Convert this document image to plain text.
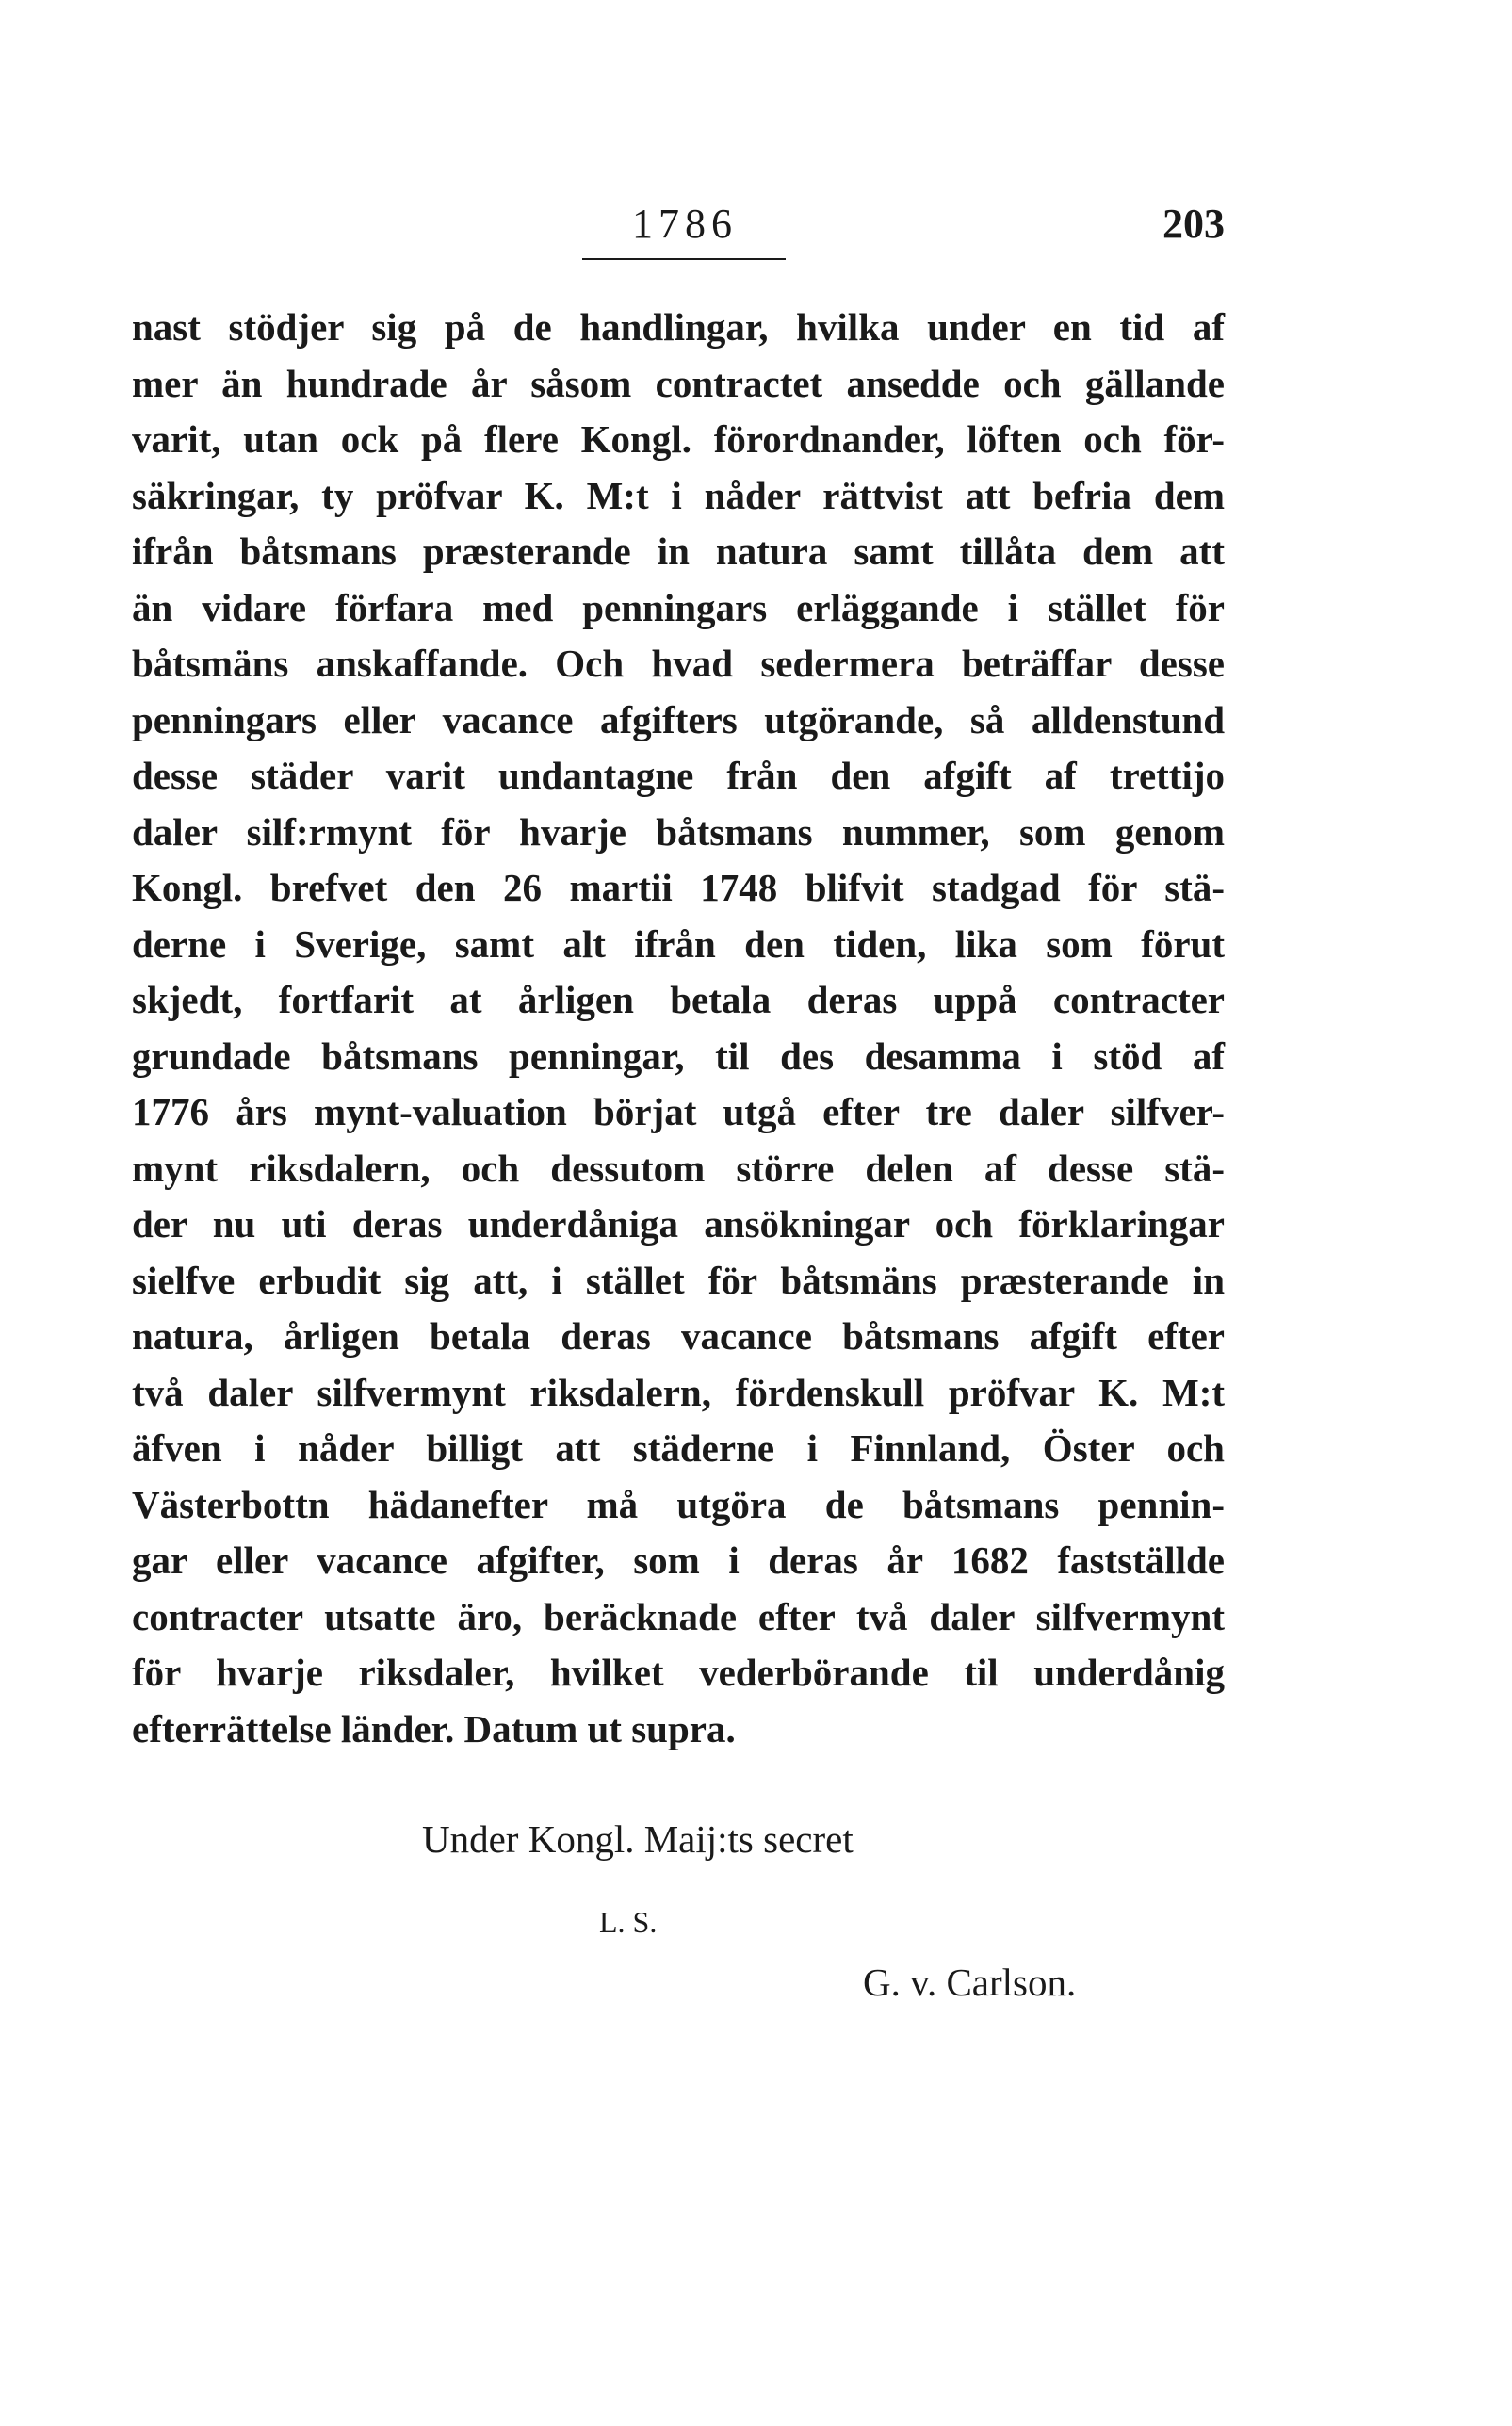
1786	203
nast stödjer sig på de handlingar, hvilka under en tid af
mer än hundrade år såsom contractet ansedde och gällande
varit, utan ock på flere Kongl. förordnander, löften och för-
säkringar, ty pröfvar K. M:t i nåder rättvist att befria dem
ifrån båtsmans præsterande in natura samt tillåta dem att
än vidare förfara med penningars erläggande i stället för
båtsmäns anskaffande. Och hvad sedermera beträffar desse
penningars eller vacance afgifters utgörande, så alldenstund
desse städer varit undantagne från den afgift af trettijo
daler silf:rmynt för hvarje båtsmans nummer, som genom
Kongl. brefvet den 26 martii 1748 blifvit stadgad för stä-
derne i Sverige, samt alt ifrån den tiden, lika som förut
skjedt, fortfarit at årligen betala deras uppå contracter
grundade båtsmans penningar, til des desamma i stöd af
1776 års mynt-valuation börjat utgå efter tre daler silfver-
mynt riksdalern, och dessutom större delen af desse stä-
der nu uti deras underdåniga ansökningar och förklaringar
sielfve erbudit sig att, i stället för båtsmäns præsterande in
natura, årligen betala deras vacance båtsmans afgift efter
två daler silfvermynt riksdalern, fördenskull pröfvar K. M:t
äfven i nåder billigt att städerne i Finnland, Öster och
Västerbottn hädanefter må utgöra de båtsmans pennin-
gar eller vacance afgifter, som i deras år 1682 fastställde
contracter utsatte äro, beräcknade efter två daler silfvermynt
för hvarje riksdaler, hvilket vederbörande til underdånig
efterrättelse länder. Datum ut supra.
Under Kongl. Maij:ts secret
L. S.
G. v. Carlson.
